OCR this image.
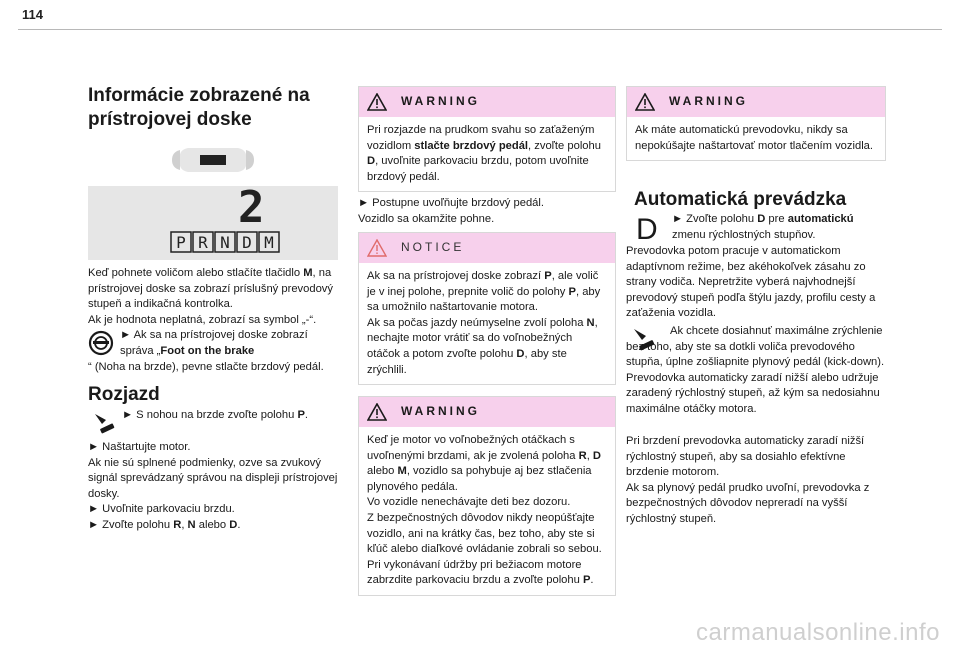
114
Informácie zobrazené na prístrojovej doske
2
P R N D M

Keď pohnete voličom alebo stlačíte tlačidlo M, na prístrojovej doske sa zobrazí príslušný prevodový stupeň a indikačná kontrolka.

Ak je hodnota neplatná, zobrazí sa symbol „-“.

► Ak sa na prístrojovej doske zobrazí správa „Foot on the brake

“ (Noha na brzde), pevne stlačte brzdový pedál.

Rozjazd

► S nohou na brzde zvoľte polohu P.

► Naštartujte motor.

Ak nie sú splnené podmienky, ozve sa zvukový signál sprevádzaný správou na displeji prístrojovej dosky.

► Uvoľnite parkovaciu brzdu.

► Zvoľte polohu R, N alebo D.

WARNING

Pri rozjazde na prudkom svahu so zaťaženým vozidlom stlačte brzdový pedál, zvoľte polohu D, uvoľnite parkovaciu brzdu, potom uvoľnite brzdový pedál.

► Postupne uvoľňujte brzdový pedál.

Vozidlo sa okamžite pohne.

NOTICE

Ak sa na prístrojovej doske zobrazí P, ale volič je v inej polohe, prepnite volič do polohy P, aby sa umožnilo naštartovanie motora.

Ak sa počas jazdy neúmyselne zvolí poloha N, nechajte motor vrátiť sa do voľnobežných otáčok a potom zvoľte polohu D, aby ste zrýchlili.

WARNING

Keď je motor vo voľnobežných otáčkach s uvoľnenými brzdami, ak je zvolená poloha R, D alebo M, vozidlo sa pohybuje aj bez stlačenia plynového pedála.

Vo vozidle nenechávajte deti bez dozoru.

Z bezpečnostných dôvodov nikdy neopúšťajte vozidlo, ani na krátky čas, bez toho, aby ste si kľúč alebo diaľkové ovládanie zobrali so sebou.

Pri vykonávaní údržby pri bežiacom motore zabrzdite parkovaciu brzdu a zvoľte polohu P.

WARNING

Ak máte automatickú prevodovku, nikdy sa nepokúšajte naštartovať motor tlačením vozidla.

Automatická prevádzka
D ► Zvoľte polohu D pre automatickú zmenu rýchlostných stupňov.

Prevodovka potom pracuje v automatickom adaptívnom režime, bez akéhokoľvek zásahu zo strany vodiča. Nepretržite vyberá najvhodnejší prevodový stupeň podľa štýlu jazdy, profilu cesty a zaťaženia vozidla.

Ak chcete dosiahnuť maximálne zrýchlenie bez toho, aby ste sa dotkli voliča prevodového stupňa, úplne zošliapnite plynový pedál (kick-down). Prevodovka automaticky zaradí nižší alebo udržuje zaradený rýchlostný stupeň, až kým sa nedosiahnu maximálne otáčky motora.

Pri brzdení prevodovka automaticky zaradí nižší rýchlostný stupeň, aby sa dosiahlo efektívne brzdenie motorom.

Ak sa plynový pedál prudko uvoľní, prevodovka z bezpečnostných dôvodov nepreradí na vyšší rýchlostný stupeň.

carmanualsonline.info
